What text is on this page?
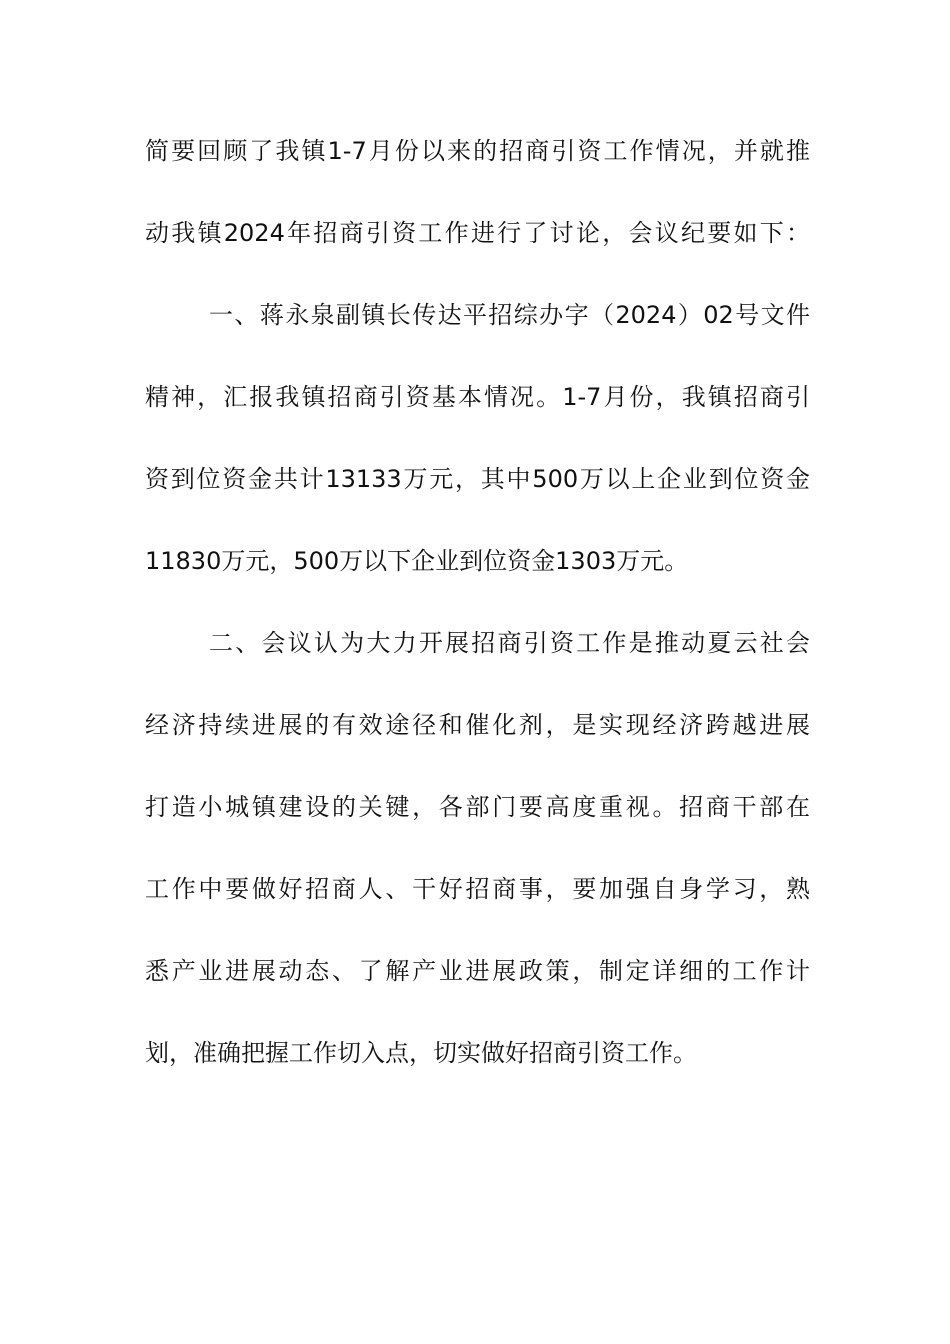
简要回顾了我镇1-7月份以来的招商引资工作情况，并就推
动我镇2024年招商引资工作进行了讨论，会议纪要如下：
一、蒋永泉副镇长传达平招综办字（2024）02号文件
精神，汇报我镇招商引资基本情况。1-7月份，我镇招商引
资到位资金共计13133万元，其中500万以上企业到位资金
11830万元，500万以下企业到位资金1303万元。
二、会议认为大力开展招商引资工作是推动夏云社会
经济持续进展的有效途径和催化剂，是实现经济跨越进展
打造小城镇建设的关键，各部门要高度重视。招商干部在
工作中要做好招商人、干好招商事，要加强自身学习，熟
悉产业进展动态、了解产业进展政策，制定详细的工作计
划，准确把握工作切入点，切实做好招商引资工作。
